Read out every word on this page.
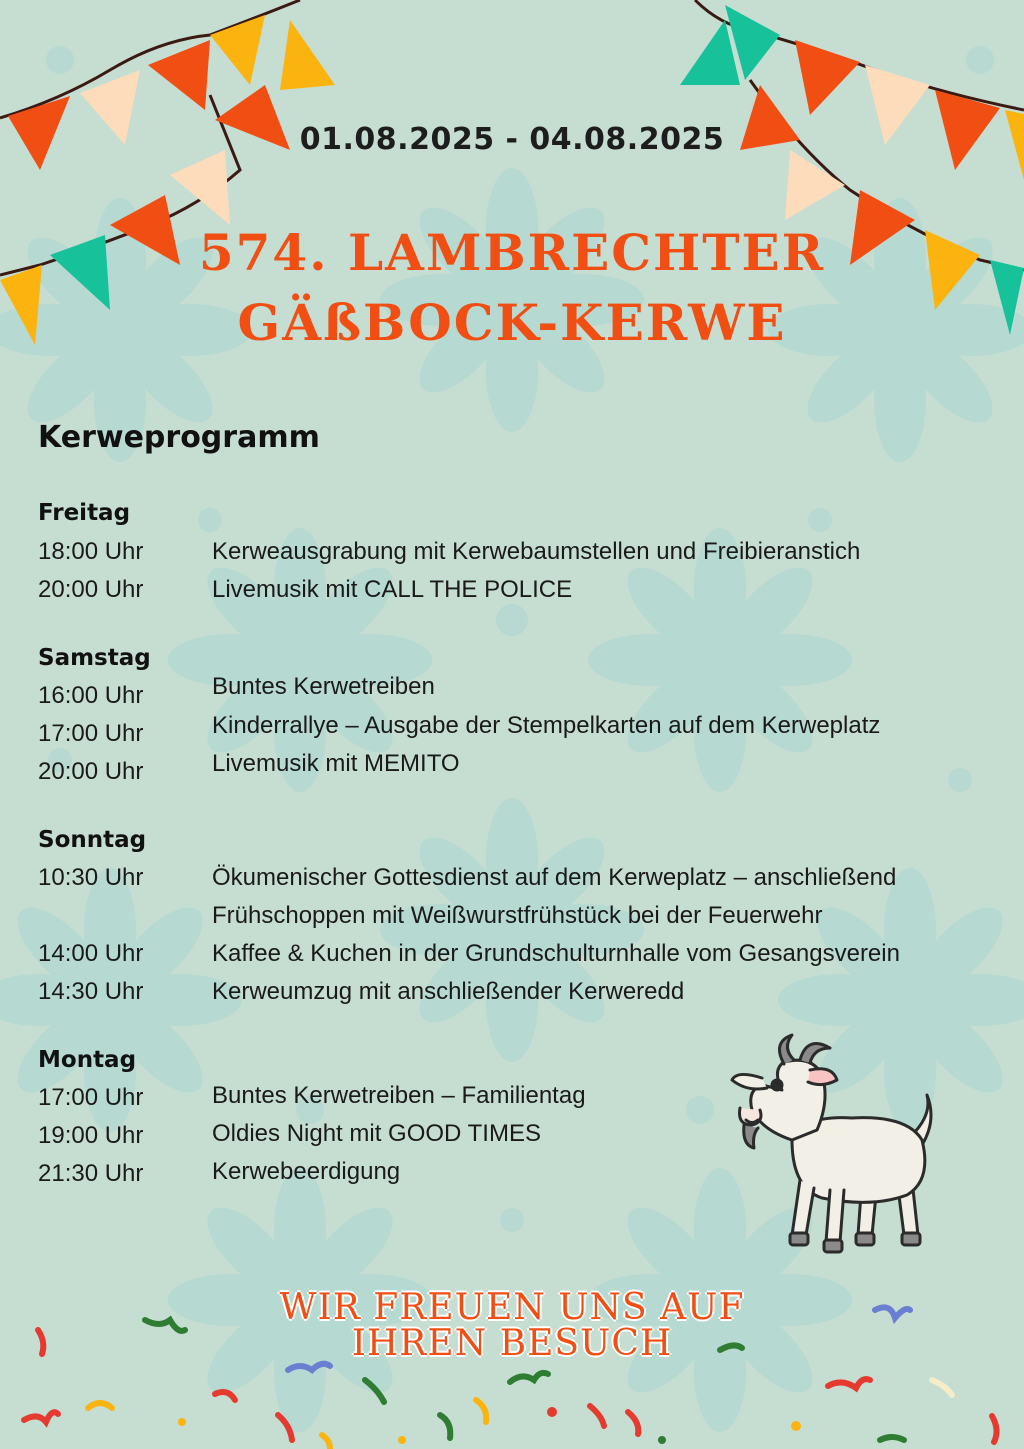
01.08.2025 - 04.08.2025
574. LAMBRECHTER
GÄßBOCK-KERWE
Kerweprogramm
Freitag
18:00 Uhr	Kerweausgrabung mit Kerwebaumstellen und Freibieranstich
20:00 Uhr	Livemusik mit CALL THE POLICE
Samstag
16:00 Uhr	Buntes Kerwetreiben
17:00 Uhr	Kinderrallye – Ausgabe der Stempelkarten auf dem Kerweplatz
20:00 Uhr	Livemusik mit MEMITO
Sonntag
10:30 Uhr	Ökumenischer Gottesdienst auf dem Kerweplatz – anschließend
Frühschoppen mit Weißwurstfrühstück bei der Feuerwehr
14:00 Uhr	Kaffee & Kuchen in der Grundschulturnhalle vom Gesangsverein
14:30 Uhr	Kerweumzug mit anschließender Kerweredd
Montag
17:00 Uhr	Buntes Kerwetreiben – Familientag
19:00 Uhr	Oldies Night mit GOOD TIMES
21:30 Uhr	Kerwebeerdigung
WIR FREUEN UNS AUF
IHREN BESUCH
